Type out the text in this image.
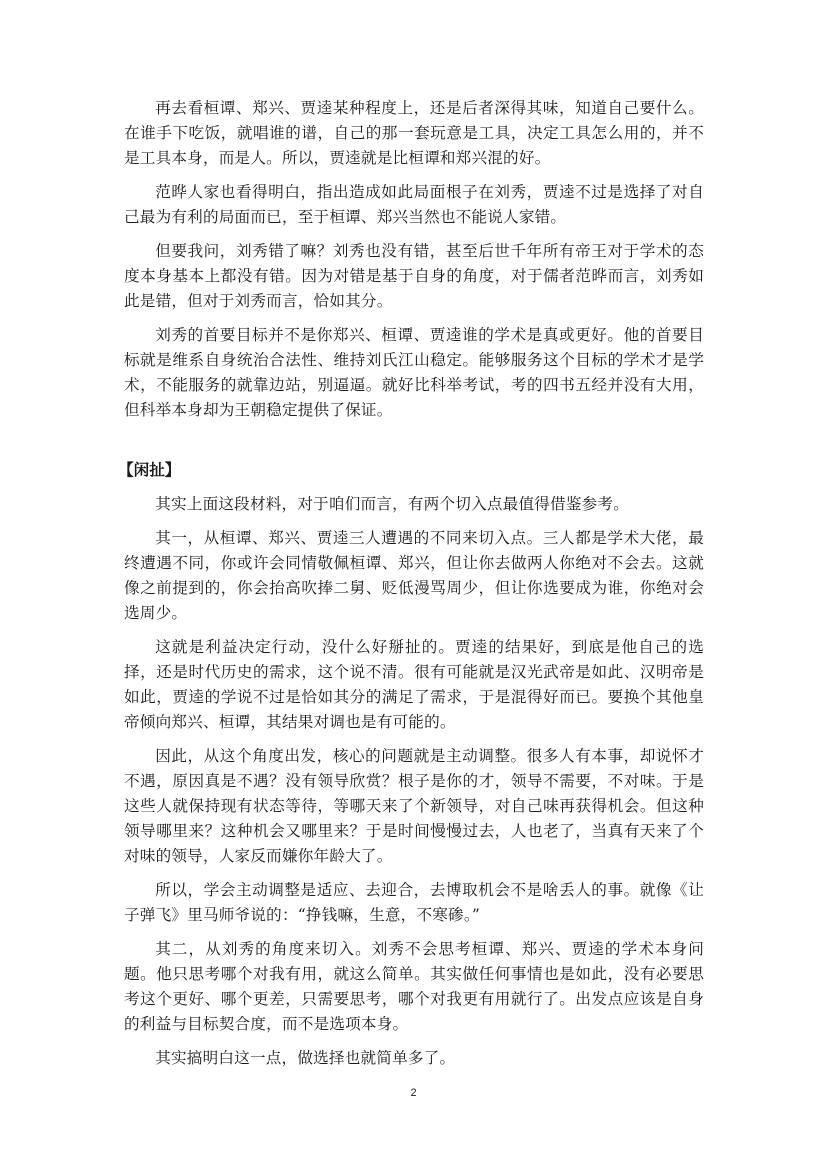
再去看桓谭、郑兴、贾逵某种程度上，还是后者深得其味，知道自己要什么。在谁手下吃饭，就唱谁的谱，自己的那一套玩意是工具，决定工具怎么用的，并不是工具本身，而是人。所以，贾逵就是比桓谭和郑兴混的好。

范晔人家也看得明白，指出造成如此局面根子在刘秀，贾逵不过是选择了对自己最为有利的局面而已，至于桓谭、郑兴当然也不能说人家错。

但要我问，刘秀错了嘛？刘秀也没有错，甚至后世千年所有帝王对于学术的态度本身基本上都没有错。因为对错是基于自身的角度，对于儒者范晔而言，刘秀如此是错，但对于刘秀而言，恰如其分。

刘秀的首要目标并不是你郑兴、桓谭、贾逵谁的学术是真或更好。他的首要目标就是维系自身统治合法性、维持刘氏江山稳定。能够服务这个目标的学术才是学术，不能服务的就靠边站，别逼逼。就好比科举考试，考的四书五经并没有大用，但科举本身却为王朝稳定提供了保证。

【闲扯】

其实上面这段材料，对于咱们而言，有两个切入点最值得借鉴参考。

其一，从桓谭、郑兴、贾逵三人遭遇的不同来切入点。三人都是学术大佬，最终遭遇不同，你或许会同情敬佩桓谭、郑兴，但让你去做两人你绝对不会去。这就像之前提到的，你会抬高吹捧二舅、贬低漫骂周少，但让你选要成为谁，你绝对会选周少。

这就是利益决定行动，没什么好掰扯的。贾逵的结果好，到底是他自己的选择，还是时代历史的需求，这个说不清。很有可能就是汉光武帝是如此、汉明帝是如此，贾逵的学说不过是恰如其分的满足了需求，于是混得好而已。要换个其他皇帝倾向郑兴、桓谭，其结果对调也是有可能的。

因此，从这个角度出发，核心的问题就是主动调整。很多人有本事，却说怀才不遇，原因真是不遇？没有领导欣赏？根子是你的才，领导不需要，不对味。于是这些人就保持现有状态等待，等哪天来了个新领导，对自己味再获得机会。但这种领导哪里来？这种机会又哪里来？于是时间慢慢过去，人也老了，当真有天来了个对味的领导，人家反而嫌你年龄大了。

所以，学会主动调整是适应、去迎合，去博取机会不是啥丢人的事。就像《让子弹飞》里马师爷说的：“挣钱嘛，生意，不寒碜。”

其二，从刘秀的角度来切入。刘秀不会思考桓谭、郑兴、贾逵的学术本身问题。他只思考哪个对我有用，就这么简单。其实做任何事情也是如此，没有必要思考这个更好、哪个更差，只需要思考，哪个对我更有用就行了。出发点应该是自身的利益与目标契合度，而不是选项本身。

其实搞明白这一点，做选择也就简单多了。

2
